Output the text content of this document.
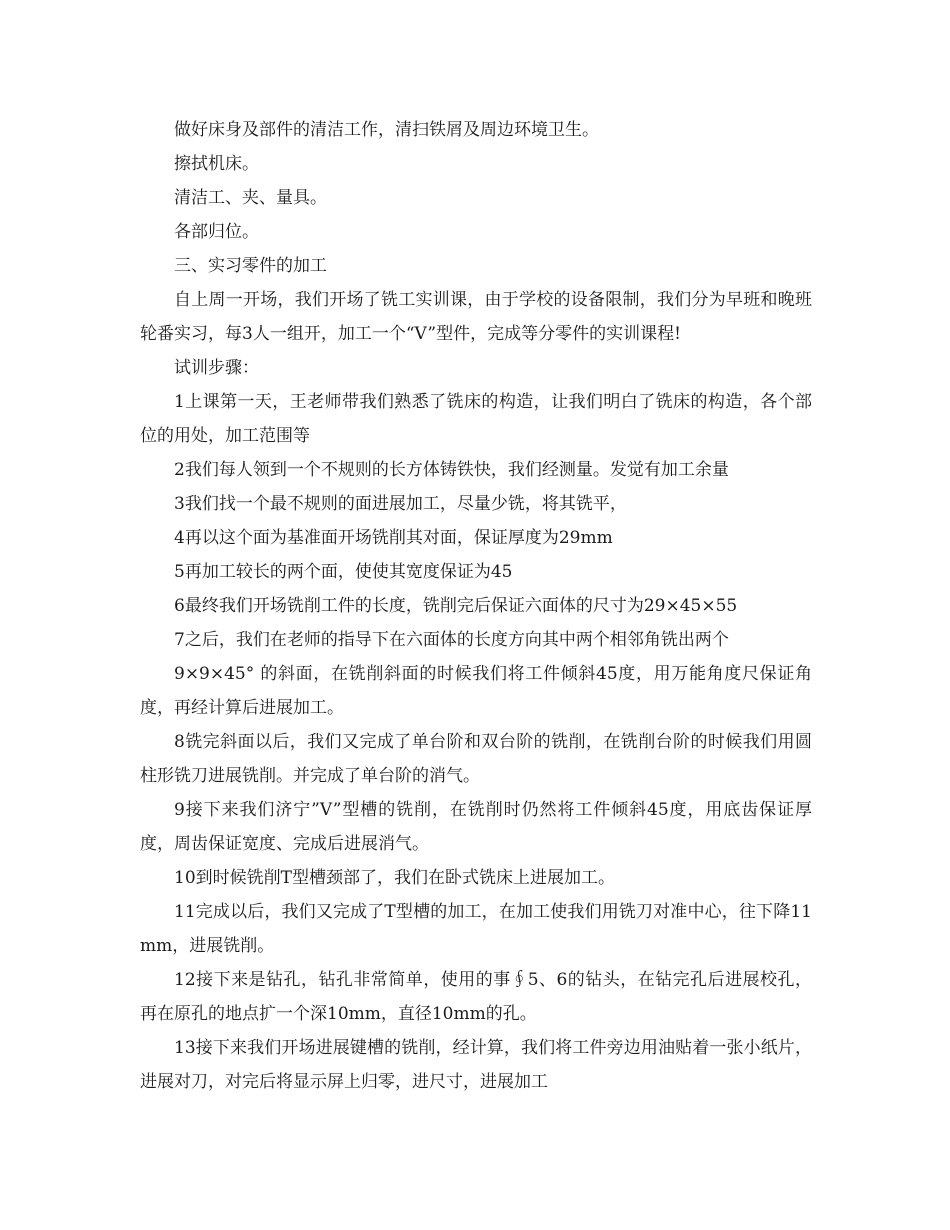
做好床身及部件的清洁工作，清扫铁屑及周边环境卫生。

擦拭机床。

清洁工、夹、量具。

各部归位。

三、实习零件的加工

自上周一开场，我们开场了铣工实训课，由于学校的设备限制，我们分为早班和晚班轮番实习，每3人一组开，加工一个“V”型件，完成等分零件的实训课程!

试训步骤：

1上课第一天，王老师带我们熟悉了铣床的构造，让我们明白了铣床的构造，各个部位的用处，加工范围等

2我们每人领到一个不规则的长方体铸铁快，我们经测量。发觉有加工余量

3我们找一个最不规则的面进展加工，尽量少铣，将其铣平，

4再以这个面为基准面开场铣削其对面，保证厚度为29mm

5再加工较长的两个面，使使其宽度保证为45

6最终我们开场铣削工件的长度，铣削完后保证六面体的尺寸为29×45×55

7之后，我们在老师的指导下在六面体的长度方向其中两个相邻角铣出两个

9×9×45° 的斜面，在铣削斜面的时候我们将工件倾斜45度，用万能角度尺保证角度，再经计算后进展加工。

8铣完斜面以后，我们又完成了单台阶和双台阶的铣削，在铣削台阶的时候我们用圆柱形铣刀进展铣削。并完成了单台阶的消气。

9接下来我们济宁”V”型槽的铣削，在铣削时仍然将工件倾斜45度，用底齿保证厚度，周齿保证宽度、完成后进展消气。

10到时候铣削T型槽颈部了，我们在卧式铣床上进展加工。

11完成以后，我们又完成了T型槽的加工，在加工使我们用铣刀对准中心，往下降11mm，进展铣削。

12接下来是钻孔，钻孔非常简单，使用的事∮5、6的钻头，在钻完孔后进展校孔，再在原孔的地点扩一个深10mm，直径10mm的孔。

13接下来我们开场进展键槽的铣削，经计算，我们将工件旁边用油贴着一张小纸片，进展对刀，对完后将显示屏上归零，进尺寸，进展加工
